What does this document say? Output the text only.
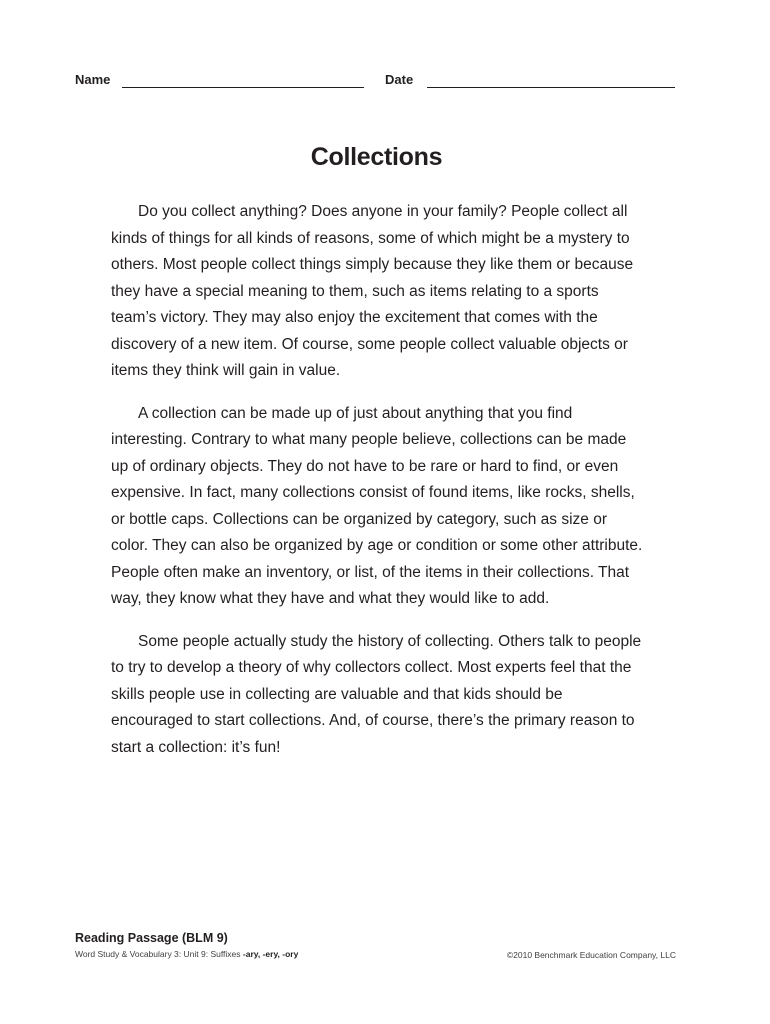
Name	Date
Collections

Do you collect anything? Does anyone in your family? People collect all kinds of things for all kinds of reasons, some of which might be a mystery to others. Most people collect things simply because they like them or because they have a special meaning to them, such as items relating to a sports team’s victory. They may also enjoy the excitement that comes with the discovery of a new item. Of course, some people collect valuable objects or items they think will gain in value.

A collection can be made up of just about anything that you find interesting. Contrary to what many people believe, collections can be made up of ordinary objects. They do not have to be rare or hard to find, or even expensive. In fact, many collections consist of found items, like rocks, shells, or bottle caps. Collections can be organized by category, such as size or color. They can also be organized by age or condition or some other attribute. People often make an inventory, or list, of the items in their collections. That way, they know what they have and what they would like to add.

Some people actually study the history of collecting. Others talk to people to try to develop a theory of why collectors collect. Most experts feel that the skills people use in collecting are valuable and that kids should be encouraged to start collections. And, of course, there’s the primary reason to start a collection: it’s fun!

Reading Passage (BLM 9)
Word Study & Vocabulary 3: Unit 9: Suffixes -ary, -ery, -ory	©2010 Benchmark Education Company, LLC
